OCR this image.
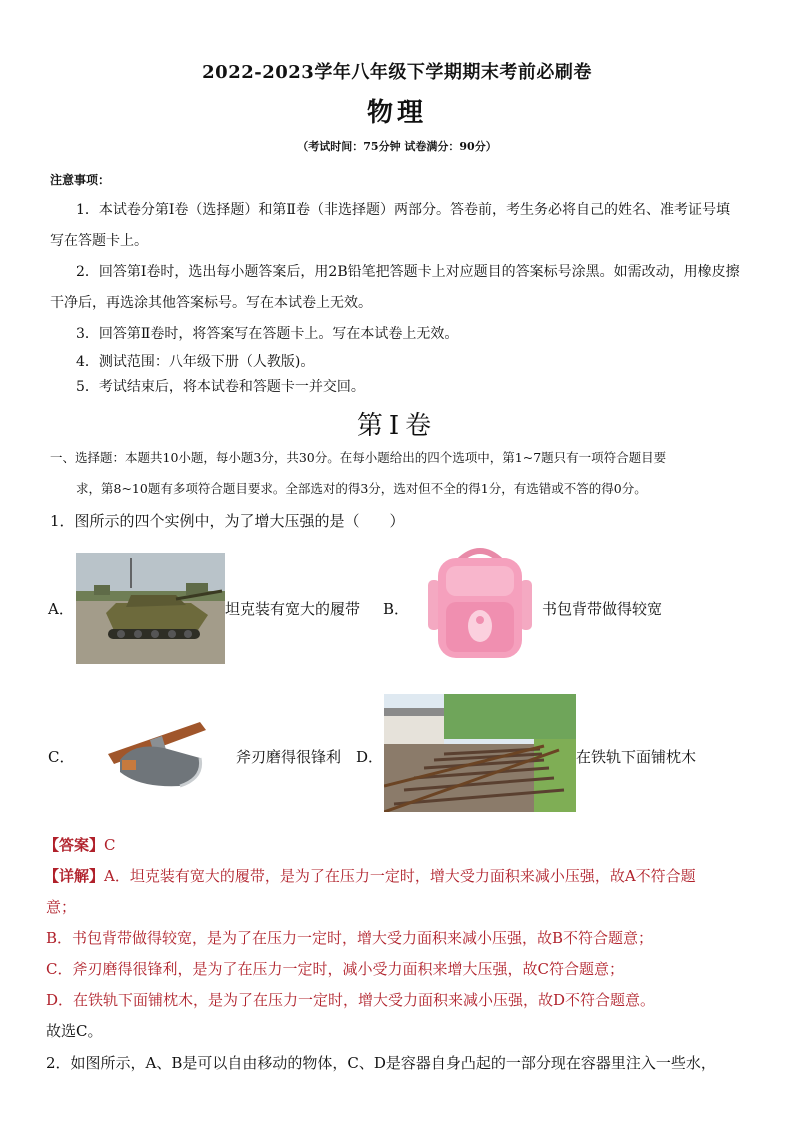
2022-2023学年八年级下学期期末考前必刷卷
物理
（考试时间：75分钟 试卷满分：90分）
注意事项：
1．本试卷分第Ⅰ卷（选择题）和第Ⅱ卷（非选择题）两部分。答卷前，考生务必将自己的姓名、准考证号填
写在答题卡上。
2．回答第Ⅰ卷时，选出每小题答案后，用2B铅笔把答题卡上对应题目的答案标号涂黑。如需改动，用橡皮擦
干净后，再选涂其他答案标号。写在本试卷上无效。
3．回答第Ⅱ卷时，将答案写在答题卡上。写在本试卷上无效。
4．测试范围：八年级下册（人教版)。
5．考试结束后，将本试卷和答题卡一并交回。
第Ⅰ卷
一、选择题：本题共10小题，每小题3分，共30分。在每小题给出的四个选项中，第1~7题只有一项符合题目要
求，第8~10题有多项符合题目要求。全部选对的得3分，选对但不全的得1分，有选错或不答的得0分。
1．图所示的四个实例中，为了增大压强的是（　　）
A．	坦克装有宽大的履带 B．	书包背带做得较宽
C．	斧刃磨得很锋利 D．	在铁轨下面铺枕木
【答案】C
【详解】A．坦克装有宽大的履带，是为了在压力一定时，增大受力面积来减小压强，故A不符合题
意；
B．书包背带做得较宽，是为了在压力一定时，增大受力面积来减小压强，故B不符合题意；
C．斧刃磨得很锋利，是为了在压力一定时，减小受力面积来增大压强，故C符合题意；
D．在铁轨下面铺枕木，是为了在压力一定时，增大受力面积来减小压强，故D不符合题意。
故选C。
2．如图所示，A、B是可以自由移动的物体，C、D是容器自身凸起的一部分现在容器里注入一些水，
